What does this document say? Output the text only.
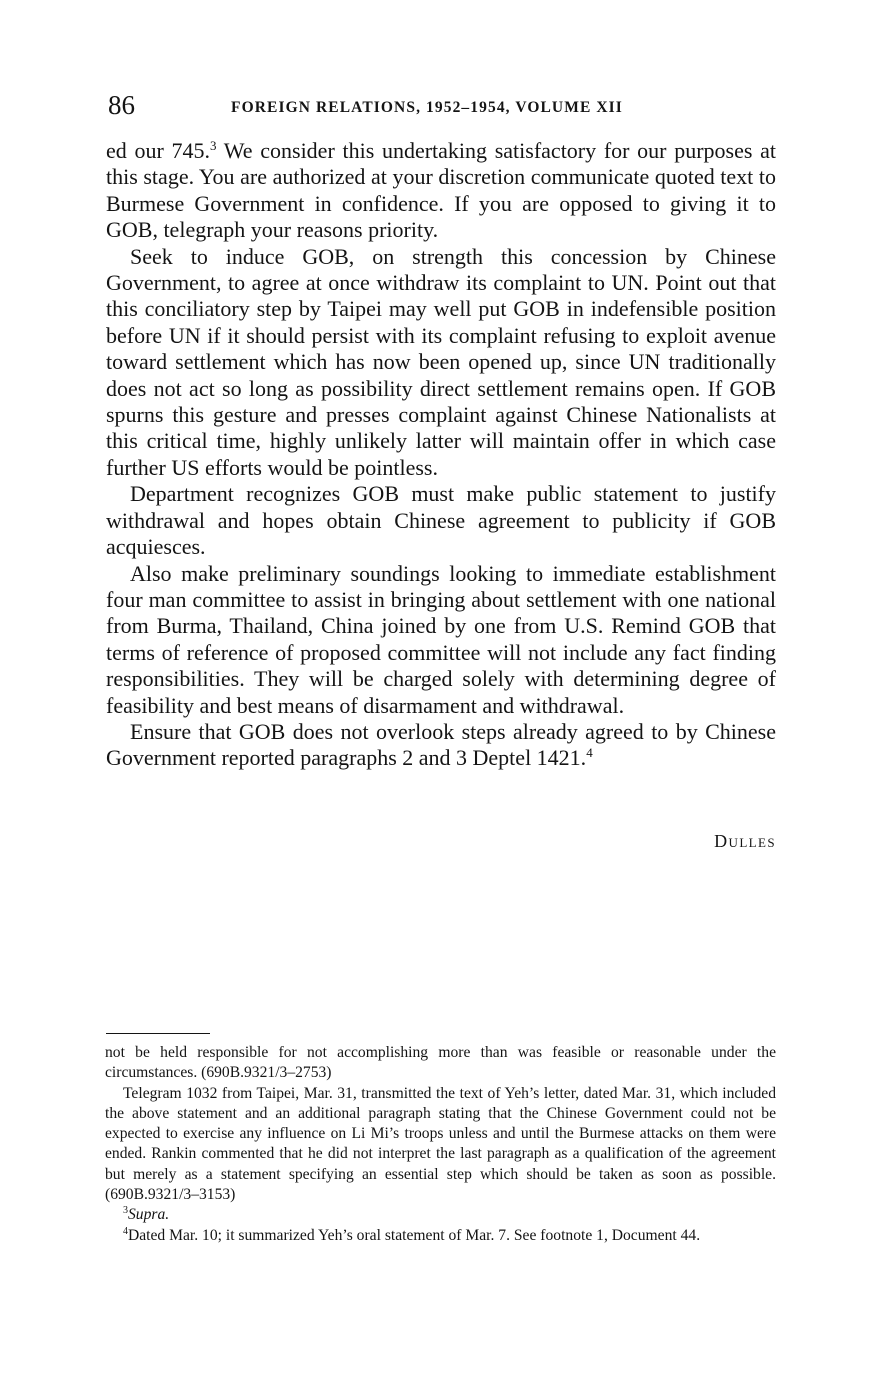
86	FOREIGN RELATIONS, 1952–1954, VOLUME XII

ed our 745.$^3$ We consider this undertaking satisfactory for our purposes at this stage. You are authorized at your discretion communicate quoted text to Burmese Government in confidence. If you are opposed to giving it to GOB, telegraph your reasons priority.

Seek to induce GOB, on strength this concession by Chinese Government, to agree at once withdraw its complaint to UN. Point out that this conciliatory step by Taipei may well put GOB in indefensible position before UN if it should persist with its complaint refusing to exploit avenue toward settlement which has now been opened up, since UN traditionally does not act so long as possibility direct settlement remains open. If GOB spurns this gesture and presses complaint against Chinese Nationalists at this critical time, highly unlikely latter will maintain offer in which case further US efforts would be pointless.

Department recognizes GOB must make public statement to justify withdrawal and hopes obtain Chinese agreement to publicity if GOB acquiesces.

Also make preliminary soundings looking to immediate establishment four man committee to assist in bringing about settlement with one national from Burma, Thailand, China joined by one from U.S. Remind GOB that terms of reference of proposed committee will not include any fact finding responsibilities. They will be charged solely with determining degree of feasibility and best means of disarmament and withdrawal.

Ensure that GOB does not overlook steps already agreed to by Chinese Government reported paragraphs 2 and 3 Deptel 1421.$^4$

Dulles

not be held responsible for not accomplishing more than was feasible or reasonable under the circumstances. (690B.9321/3–2753)

Telegram 1032 from Taipei, Mar. 31, transmitted the text of Yeh’s letter, dated Mar. 31, which included the above statement and an additional paragraph stating that the Chinese Government could not be expected to exercise any influence on Li Mi’s troops unless and until the Burmese attacks on them were ended. Rankin commented that he did not interpret the last paragraph as a qualification of the agreement but merely as a statement specifying an essential step which should be taken as soon as possible. (690B.9321/3–3153)

$^3$Supra.

$^4$Dated Mar. 10; it summarized Yeh’s oral statement of Mar. 7. See footnote 1, Document 44.
